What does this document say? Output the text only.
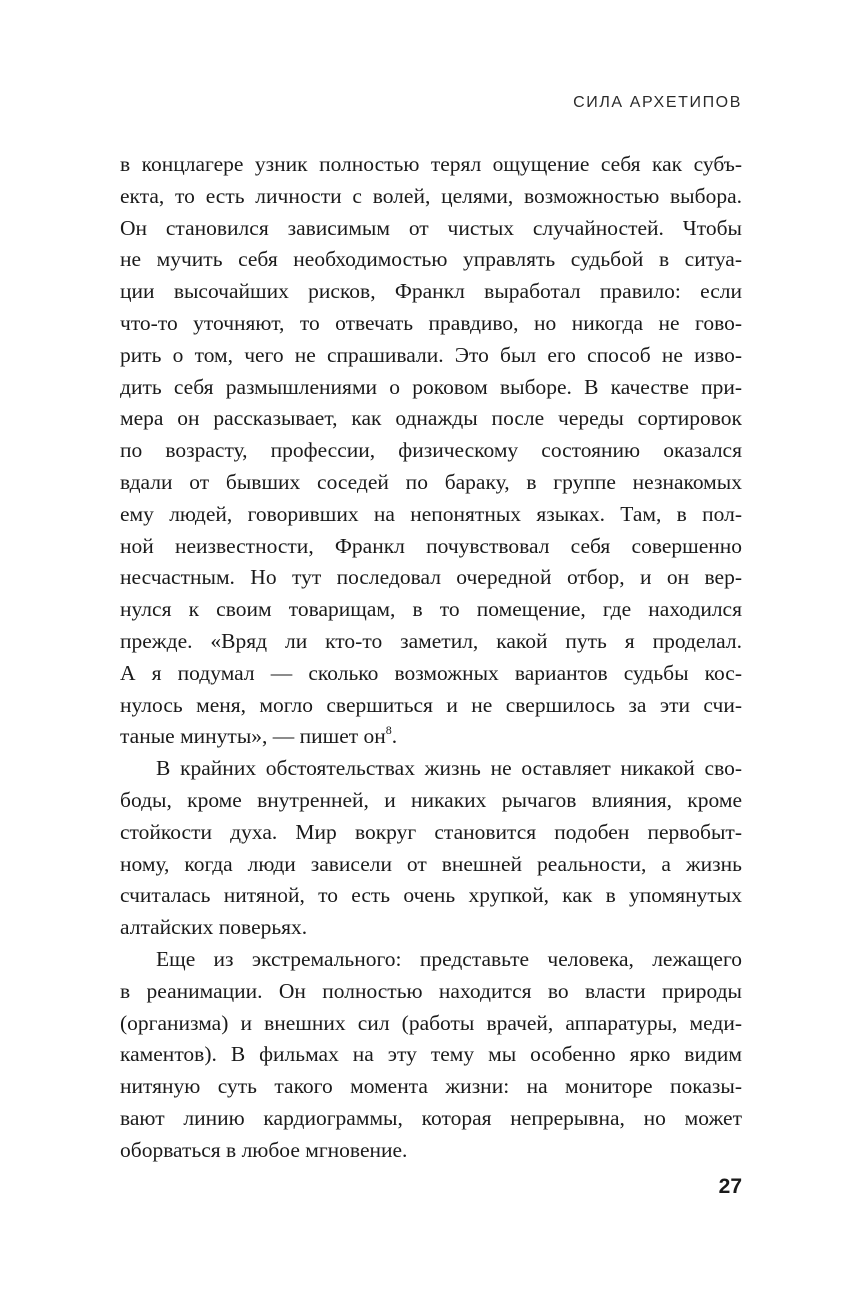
СИЛА АРХЕТИПОВ
в концлагере узник полностью терял ощущение себя как субъ-
екта, то есть личности с волей, целями, возможностью выбора.
Он становился зависимым от чистых случайностей. Чтобы
не мучить себя необходимостью управлять судьбой в ситуа-
ции высочайших рисков, Франкл выработал правило: если
что-то уточняют, то отвечать правдиво, но никогда не гово-
рить о том, чего не спрашивали. Это был его способ не изво-
дить себя размышлениями о роковом выборе. В качестве при-
мера он рассказывает, как однажды после череды сортировок
по возрасту, профессии, физическому состоянию оказался
вдали от бывших соседей по бараку, в группе незнакомых
ему людей, говоривших на непонятных языках. Там, в пол-
ной неизвестности, Франкл почувствовал себя совершенно
несчастным. Но тут последовал очередной отбор, и он вер-
нулся к своим товарищам, в то помещение, где находился
прежде. «Вряд ли кто-то заметил, какой путь я проделал.
А я подумал — сколько возможных вариантов судьбы кос-
нулось меня, могло свершиться и не свершилось за эти счи-
таные минуты», — пишет он$^8$.
В крайних обстоятельствах жизнь не оставляет никакой сво-
боды, кроме внутренней, и никаких рычагов влияния, кроме
стойкости духа. Мир вокруг становится подобен первобыт-
ному, когда люди зависели от внешней реальности, а жизнь
считалась нитяной, то есть очень хрупкой, как в упомянутых
алтайских поверьях.
Еще из экстремального: представьте человека, лежащего
в реанимации. Он полностью находится во власти природы
(организма) и внешних сил (работы врачей, аппаратуры, меди-
каментов). В фильмах на эту тему мы особенно ярко видим
нитяную суть такого момента жизни: на мониторе показы-
вают линию кардиограммы, которая непрерывна, но может
оборваться в любое мгновение.
27
